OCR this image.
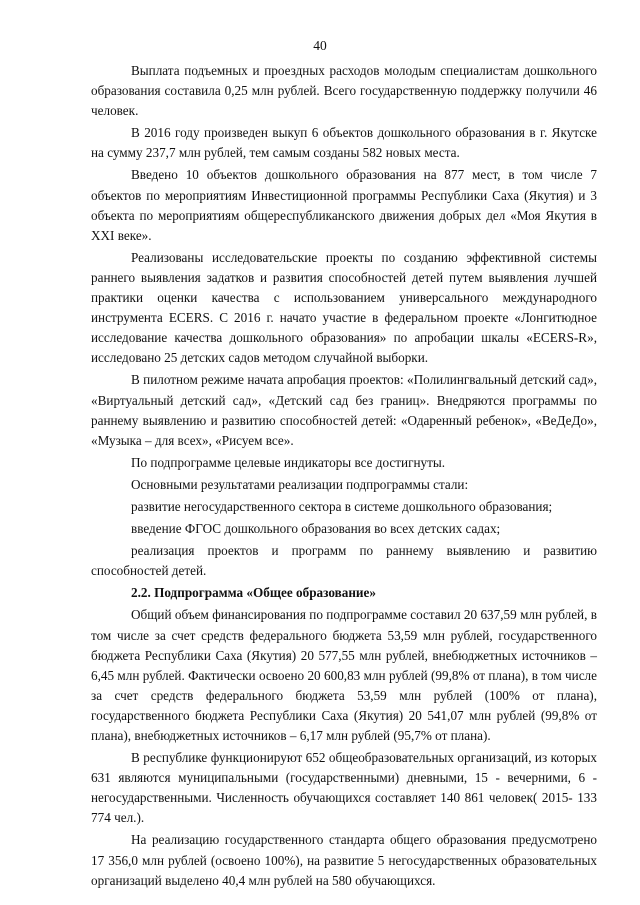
40

Выплата подъемных и проездных расходов молодым специалистам дошкольного образования составила 0,25 млн рублей. Всего государственную поддержку получили 46 человек.

В 2016 году произведен выкуп 6 объектов дошкольного образования в г. Якутске на сумму 237,7 млн рублей, тем самым созданы 582 новых места.

Введено 10 объектов дошкольного образования на 877 мест, в том числе 7 объектов по мероприятиям Инвестиционной программы Республики Саха (Якутия) и 3 объекта по мероприятиям общереспубликанского движения добрых дел «Моя Якутия в XXI веке».

Реализованы исследовательские проекты по созданию эффективной системы раннего выявления задатков и развития способностей детей путем выявления лучшей практики оценки качества с использованием универсального международного инструмента ECERS. С 2016 г. начато участие в федеральном проекте «Лонгитюдное исследование качества дошкольного образования» по апробации шкалы «ECERS-R», исследовано 25 детских садов методом случайной выборки.

В пилотном режиме начата апробация проектов: «Полилингвальный детский сад», «Виртуальный детский сад», «Детский сад без границ». Внедряются программы по раннему выявлению и развитию способностей детей: «Одаренный ребенок», «ВеДеДо», «Музыка – для всех», «Рисуем все».

По подпрограмме целевые индикаторы все достигнуты.

Основными результатами реализации подпрограммы стали:

развитие негосударственного сектора в системе дошкольного образования;

введение ФГОС дошкольного образования во всех детских садах;

реализация проектов и программ по раннему выявлению и развитию способностей детей.

2.2. Подпрограмма «Общее образование»

Общий объем финансирования по подпрограмме составил 20 637,59 млн рублей, в том числе за счет средств федерального бюджета 53,59 млн рублей, государственного бюджета Республики Саха (Якутия) 20 577,55 млн рублей, внебюджетных источников – 6,45 млн рублей. Фактически освоено 20 600,83 млн рублей (99,8% от плана), в том числе за счет средств федерального бюджета 53,59 млн рублей (100% от плана), государственного бюджета Республики Саха (Якутия) 20 541,07 млн рублей (99,8% от плана), внебюджетных источников – 6,17 млн рублей (95,7% от плана).

В республике функционируют 652 общеобразовательных организаций, из которых 631 являются муниципальными (государственными) дневными, 15 - вечерними, 6 - негосударственными. Численность обучающихся составляет 140 861 человек( 2015- 133 774 чел.).

На реализацию государственного стандарта общего образования предусмотрено 17 356,0 млн рублей (освоено 100%), на развитие 5 негосударственных образовательных организаций выделено 40,4 млн рублей на 580 обучающихся.
